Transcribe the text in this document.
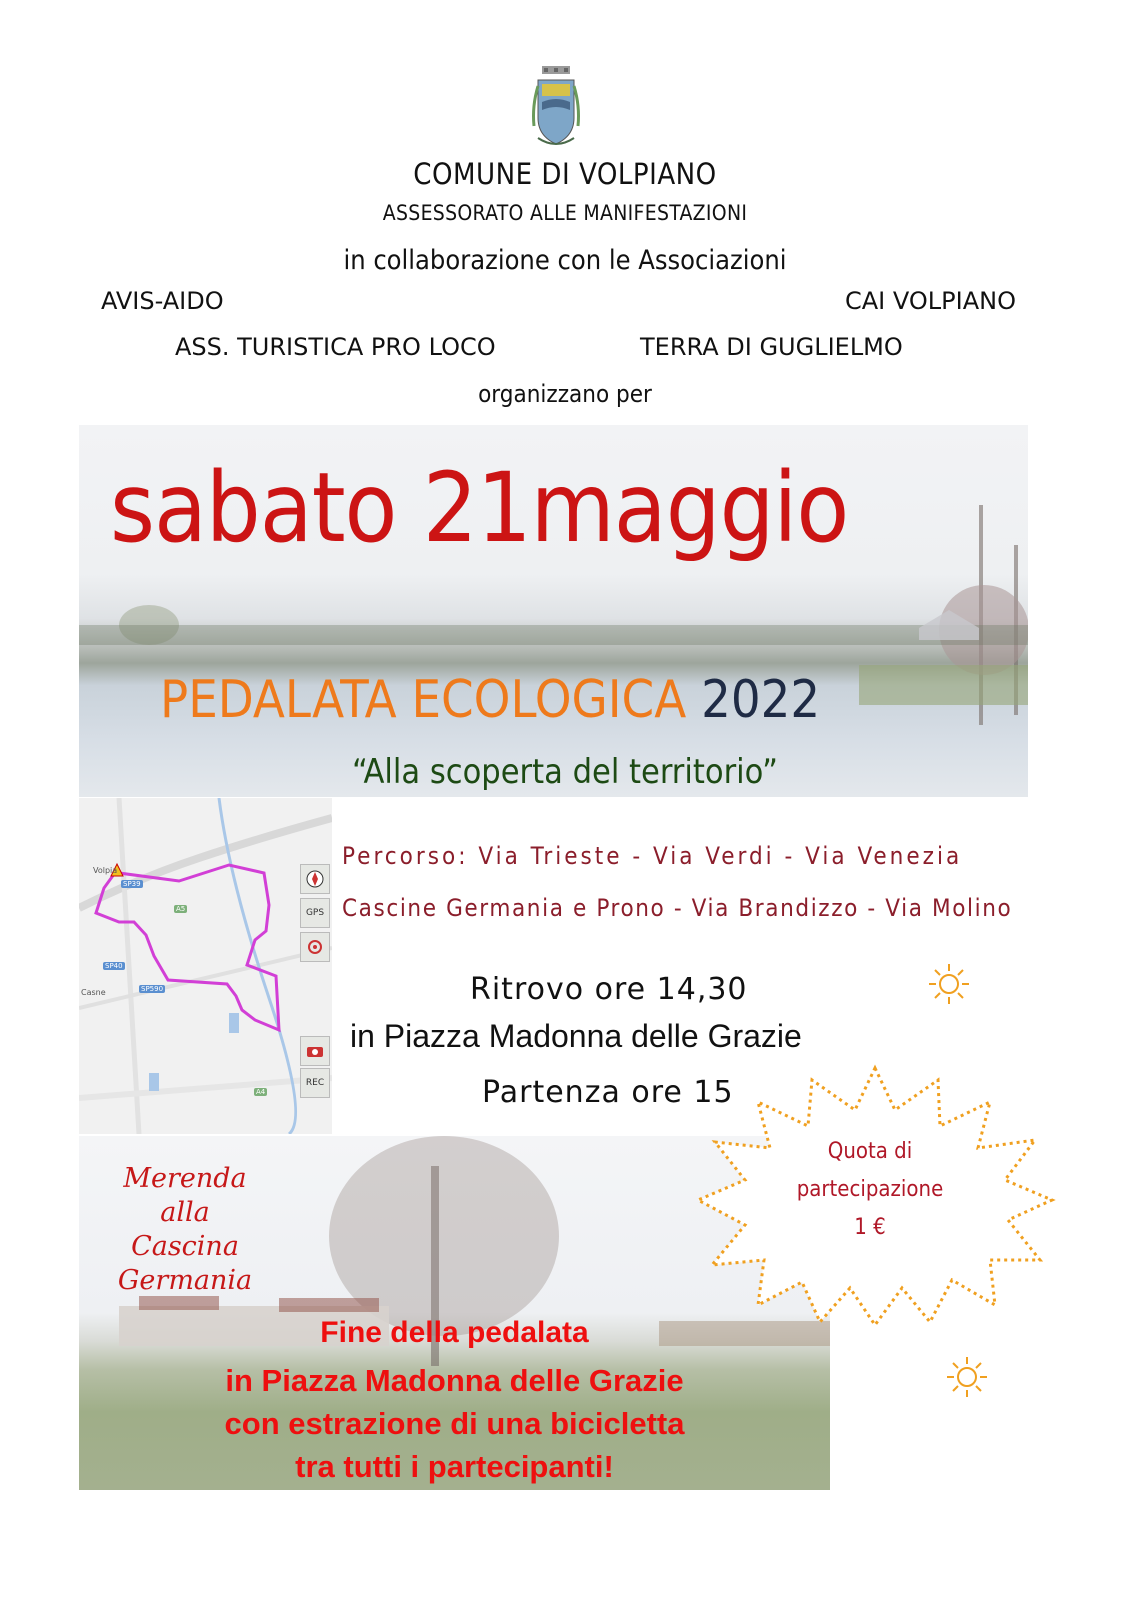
COMUNE DI VOLPIANO
ASSESSORATO ALLE MANIFESTAZIONI
in collaborazione con le Associazioni
AVIS-AIDO	CAI VOLPIANO
ASS. TURISTICA PRO LOCO	TERRA DI GUGLIELMO
organizzano per
sabato 21maggio
PEDALATA ECOLOGICA 2022
“Alla scoperta del territorio”
Volpia
Casne
SP39
A5
SP40
SP590
A4
GPS
REC
Percorso: Via Trieste - Via Verdi - Via Venezia
Cascine Germania e Prono - Via Brandizzo - Via Molino
Ritrovo ore 14,30
in Piazza Madonna delle Grazie
Partenza ore 15
Merenda alla
Cascina
Germania
Quota di
partecipazione
1 €
Fine della pedalata
in Piazza Madonna delle Grazie
con estrazione di una bicicletta
tra tutti i partecipanti!
